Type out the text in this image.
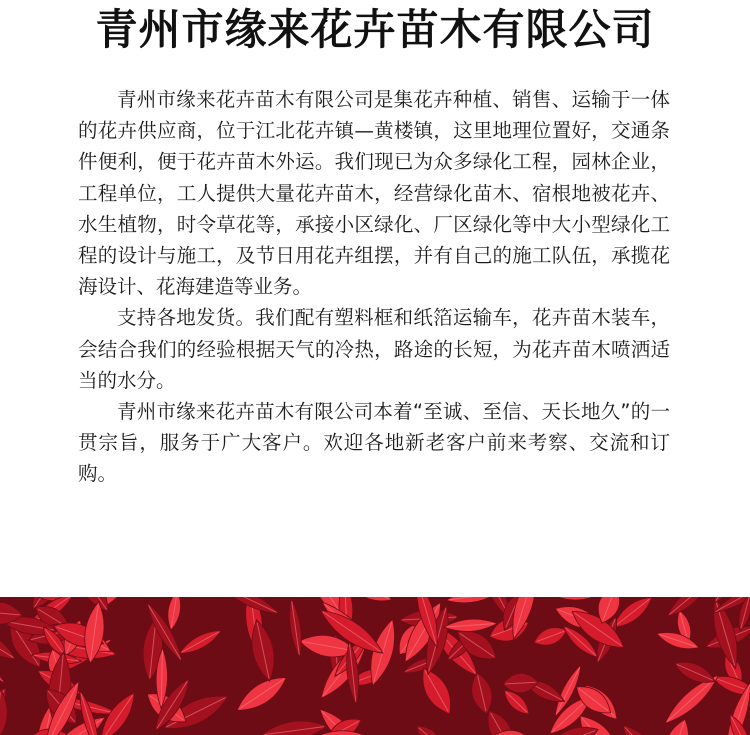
青州市缘来花卉苗木有限公司

青州市缘来花卉苗木有限公司是集花卉种植、销售、运输于一体的花卉供应商，位于江北花卉镇—黄楼镇，这里地理位置好，交通条件便利，便于花卉苗木外运。我们现已为众多绿化工程，园林企业，工程单位，工人提供大量花卉苗木，经营绿化苗木、宿根地被花卉、水生植物，时令草花等，承接小区绿化、厂区绿化等中大小型绿化工程的设计与施工，及节日用花卉组摆，并有自己的施工队伍，承揽花海设计、花海建造等业务。

支持各地发货。我们配有塑料框和纸箔运输车，花卉苗木装车，会结合我们的经验根据天气的冷热，路途的长短，为花卉苗木喷洒适当的水分。

青州市缘来花卉苗木有限公司本着“至诚、至信、天长地久”的一贯宗旨，服务于广大客户。欢迎各地新老客户前来考察、交流和订购。
